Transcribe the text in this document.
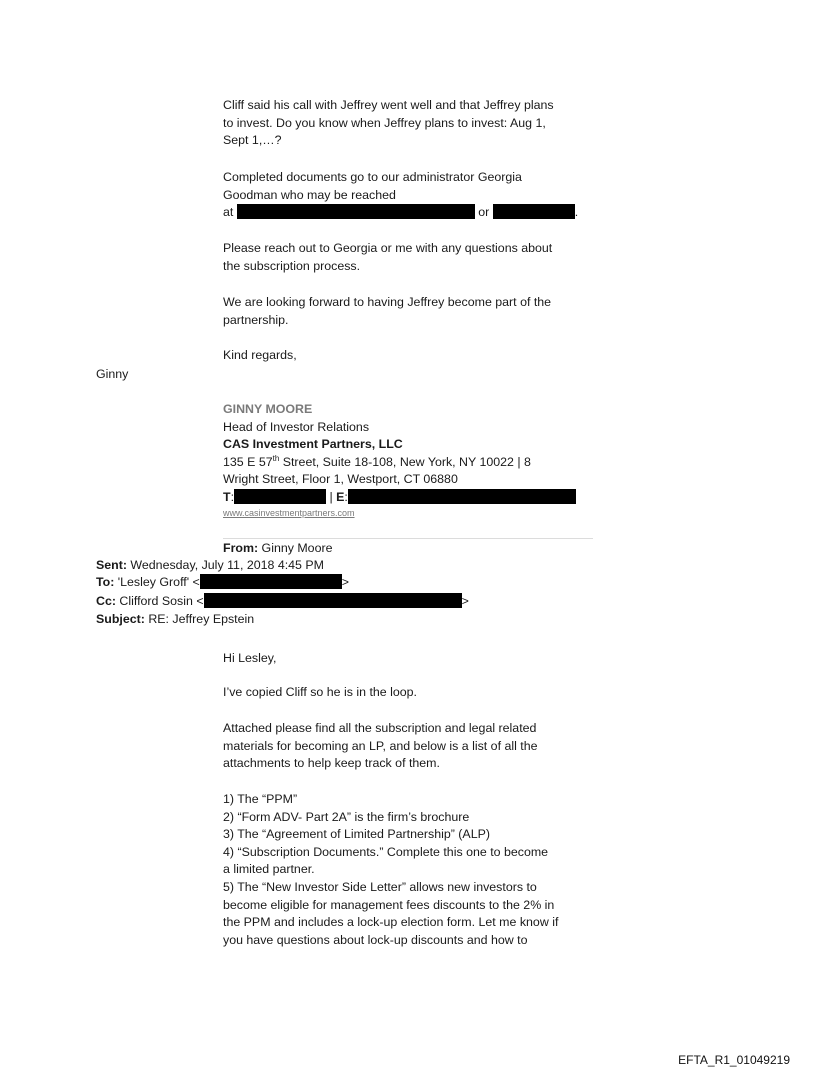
Cliff said his call with Jeffrey went well and that Jeffrey plans
to invest. Do you know when Jeffrey plans to invest: Aug 1,
Sept 1,…?
Completed documents go to our administrator Georgia
Goodman who may be reached
at	or	.
Please reach out to Georgia or me with any questions about
the subscription process.
We are looking forward to having Jeffrey become part of the
partnership.
Kind regards,
Ginny
GINNY MOORE
Head of Investor Relations
CAS Investment Partners, LLC
135 E 57th Street, Suite 18-108, New York, NY 10022 | 8
Wright Street, Floor 1, Westport, CT 06880
T:	| E:
www.casinvestmentpartners.com
From: Ginny Moore
Sent: Wednesday, July 11, 2018 4:45 PM
To: 'Lesley Groff' <	>
Cc: Clifford Sosin <	>
Subject: RE: Jeffrey Epstein
Hi Lesley,
I’ve copied Cliff so he is in the loop.
Attached please find all the subscription and legal related
materials for becoming an LP, and below is a list of all the
attachments to help keep track of them.
1) The “PPM”
2) “Form ADV- Part 2A” is the firm’s brochure
3) The “Agreement of Limited Partnership” (ALP)
4) “Subscription Documents.” Complete this one to become
a limited partner.
5) The “New Investor Side Letter” allows new investors to
become eligible for management fees discounts to the 2% in
the PPM and includes a lock-up election form. Let me know if
you have questions about lock-up discounts and how to
EFTA_R1_01049219
